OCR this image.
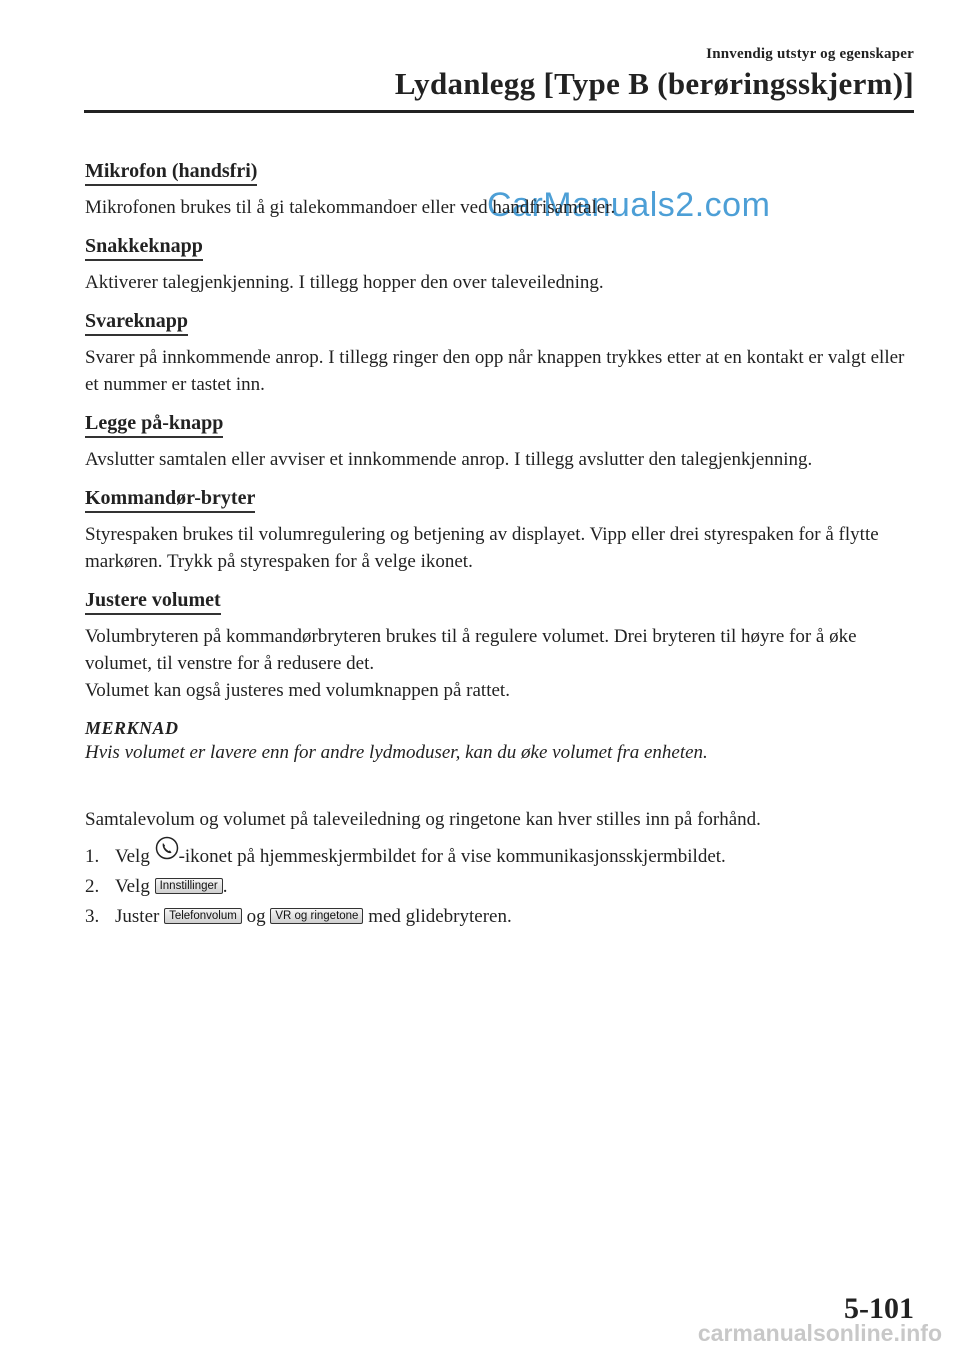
Innvendig utstyr og egenskaper
Lydanlegg [Type B (berøringsskjerm)]
CarManuals2.com
Mikrofon (handsfri)

Mikrofonen brukes til å gi talekommandoer eller ved handfrisamtaler.

Snakkeknapp

Aktiverer talegjenkjenning. I tillegg hopper den over taleveiledning.

Svareknapp

Svarer på innkommende anrop. I tillegg ringer den opp når knappen trykkes etter at en kontakt er valgt eller et nummer er tastet inn.

Legge på-knapp

Avslutter samtalen eller avviser et innkommende anrop. I tillegg avslutter den talegjenkjenning.

Kommandør-bryter

Styrespaken brukes til volumregulering og betjening av displayet. Vipp eller drei styrespaken for å flytte markøren. Trykk på styrespaken for å velge ikonet.

Justere volumet

Volumbryteren på kommandørbryteren brukes til å regulere volumet. Drei bryteren til høyre for å øke volumet, til venstre for å redusere det.

Volumet kan også justeres med volumknappen på rattet.

MERKNAD
Hvis volumet er lavere enn for andre lydmoduser, kan du øke volumet fra enheten.
Samtalevolum og volumet på taleveiledning og ringetone kan hver stilles inn på forhånd.
1. Velg -ikonet på hjemmeskjermbildet for å vise kommunikasjonsskjermbildet.
2. Velg Innstillinger .
3. Juster Telefonvolum og VR og ringetone med glidebryteren.
5-101
carmanualsonline.info
